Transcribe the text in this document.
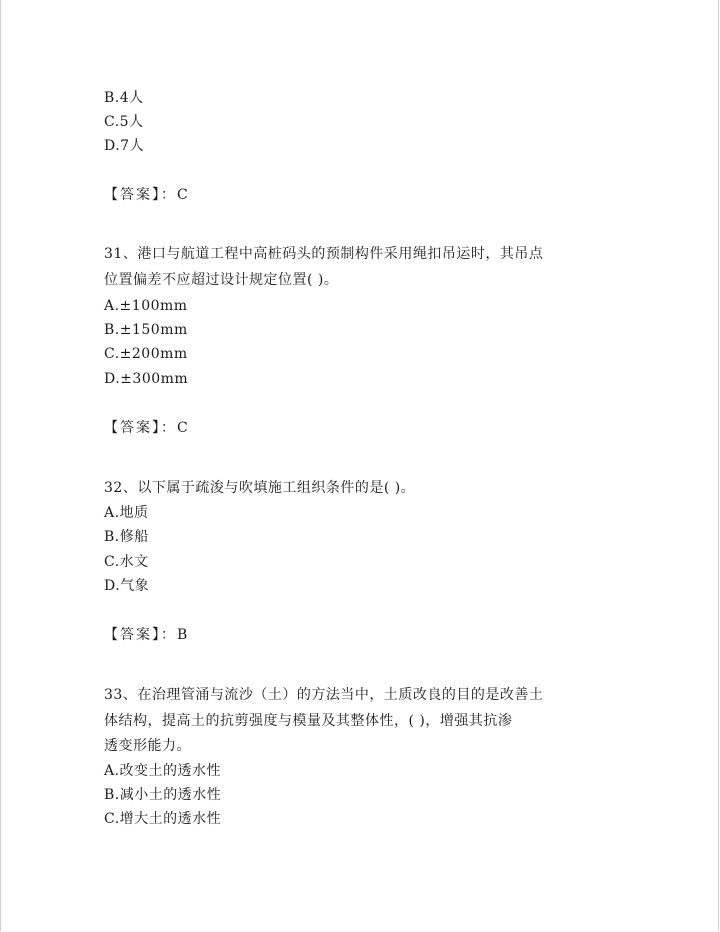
B.4人
C.5人
D.7人
【答案】：C
31、港口与航道工程中高桩码头的预制构件采用绳扣吊运时，其吊点
位置偏差不应超过设计规定位置( )。
A.±100mm
B.±150mm
C.±200mm
D.±300mm
【答案】：C
32、以下属于疏浚与吹填施工组织条件的是( )。
A.地质
B.修船
C.水文
D.气象
【答案】：B
33、在治理管涌与流沙（土）的方法当中，土质改良的目的是改善土
体结构，提高土的抗剪强度与模量及其整体性，( )，增强其抗渗
透变形能力。
A.改变土的透水性
B.减小土的透水性
C.增大土的透水性
